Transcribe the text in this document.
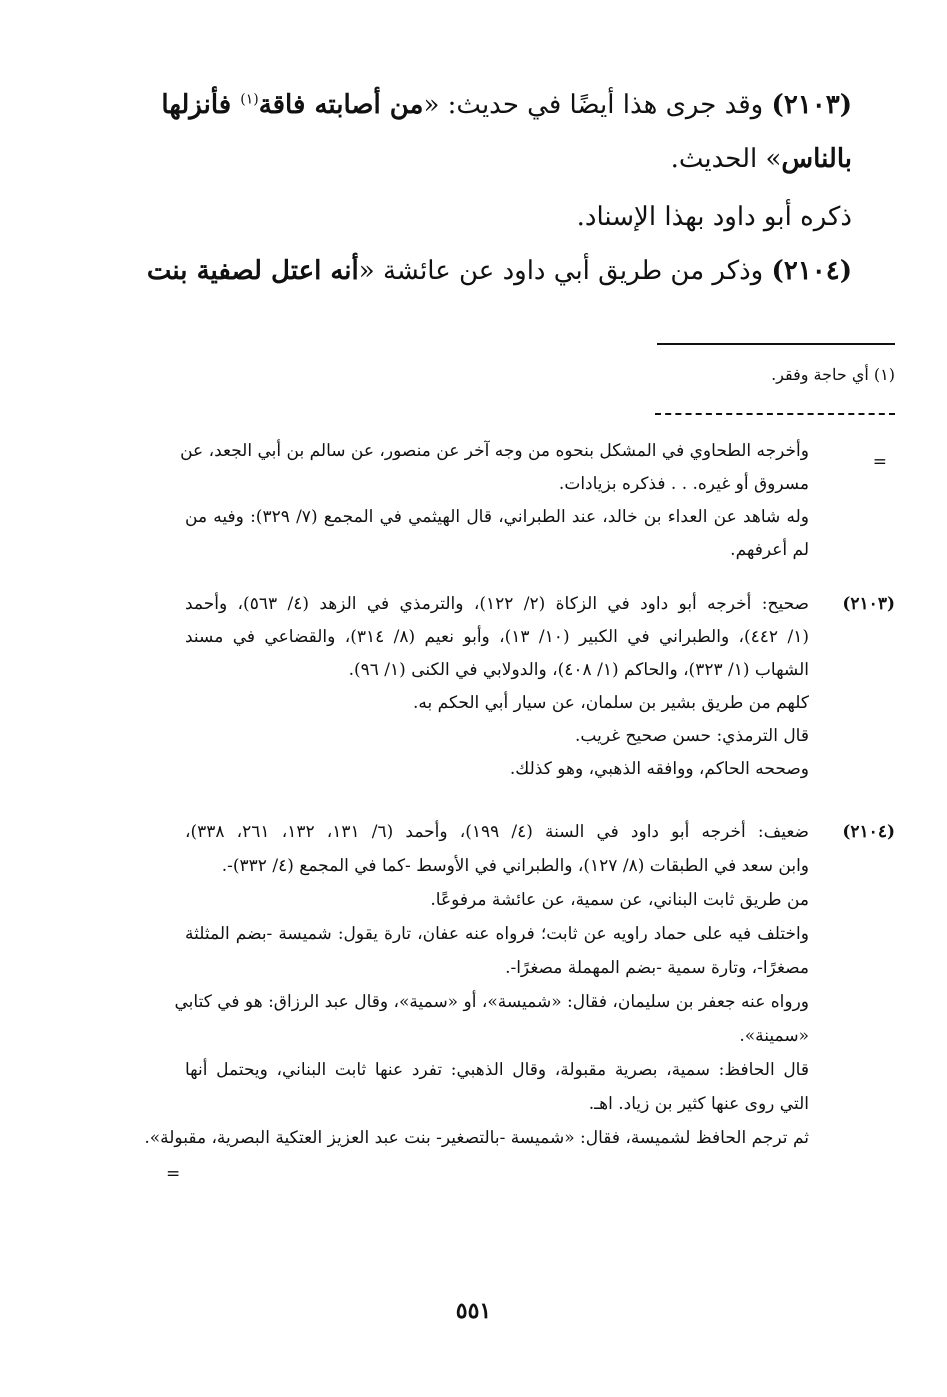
(٢١٠٣) وقد جرى هذا أيضًا في حديث: «من أصابته فاقة$^{(١)}$ فأنزلها
بالناس» الحديث.
ذكره أبو داود بهذا الإسناد.
(٢١٠٤) وذكر من طريق أبي داود عن عائشة «أنه اعتل لصفية بنت
(١) أي حاجة وفقر.
=
وأخرجه الطحاوي في المشكل بنحوه من وجه آخر عن منصور، عن سالم بن أبي الجعد، عن
مسروق أو غيره. . . فذكره بزيادات.
وله شاهد عن العداء بن خالد، عند الطبراني، قال الهيثمي في المجمع (٧/ ٣٢٩): وفيه من
لم أعرفهم.
(٢١٠٣)
صحيح: أخرجه أبو داود في الزكاة (٢/ ١٢٢)، والترمذي في الزهد (٤/ ٥٦٣)، وأحمد
(١/ ٤٤٢)، والطبراني في الكبير (١٠/ ١٣)، وأبو نعيم (٨/ ٣١٤)، والقضاعي في مسند
الشهاب (١/ ٣٢٣)، والحاكم (١/ ٤٠٨)، والدولابي في الكنى (١/ ٩٦).
كلهم من طريق بشير بن سلمان، عن سيار أبي الحكم به.
قال الترمذي: حسن صحيح غريب.
وصححه الحاكم، ووافقه الذهبي، وهو كذلك.
(٢١٠٤)
ضعيف: أخرجه أبو داود في السنة (٤/ ١٩٩)، وأحمد (٦/ ١٣١، ١٣٢، ٢٦١، ٣٣٨)،
وابن سعد في الطبقات (٨/ ١٢٧)، والطبراني في الأوسط -كما في المجمع (٤/ ٣٣٢)-.
من طريق ثابت البناني، عن سمية، عن عائشة مرفوعًا.
واختلف فيه على حماد راويه عن ثابت؛ فرواه عنه عفان، تارة يقول: شميسة -بضم المثلثة
مصغرًا-، وتارة سمية -بضم المهملة مصغرًا-.
ورواه عنه جعفر بن سليمان، فقال: «شميسة»، أو «سمية»، وقال عبد الرزاق: هو في كتابي
«سمينة».
قال الحافظ: سمية، بصرية مقبولة، وقال الذهبي: تفرد عنها ثابت البناني، ويحتمل أنها
التي روى عنها كثير بن زياد. اهـ.
ثم ترجم الحافظ لشميسة، فقال: «شميسة -بالتصغير- بنت عبد العزيز العتكية البصرية، مقبولة».
=
٥٥١
